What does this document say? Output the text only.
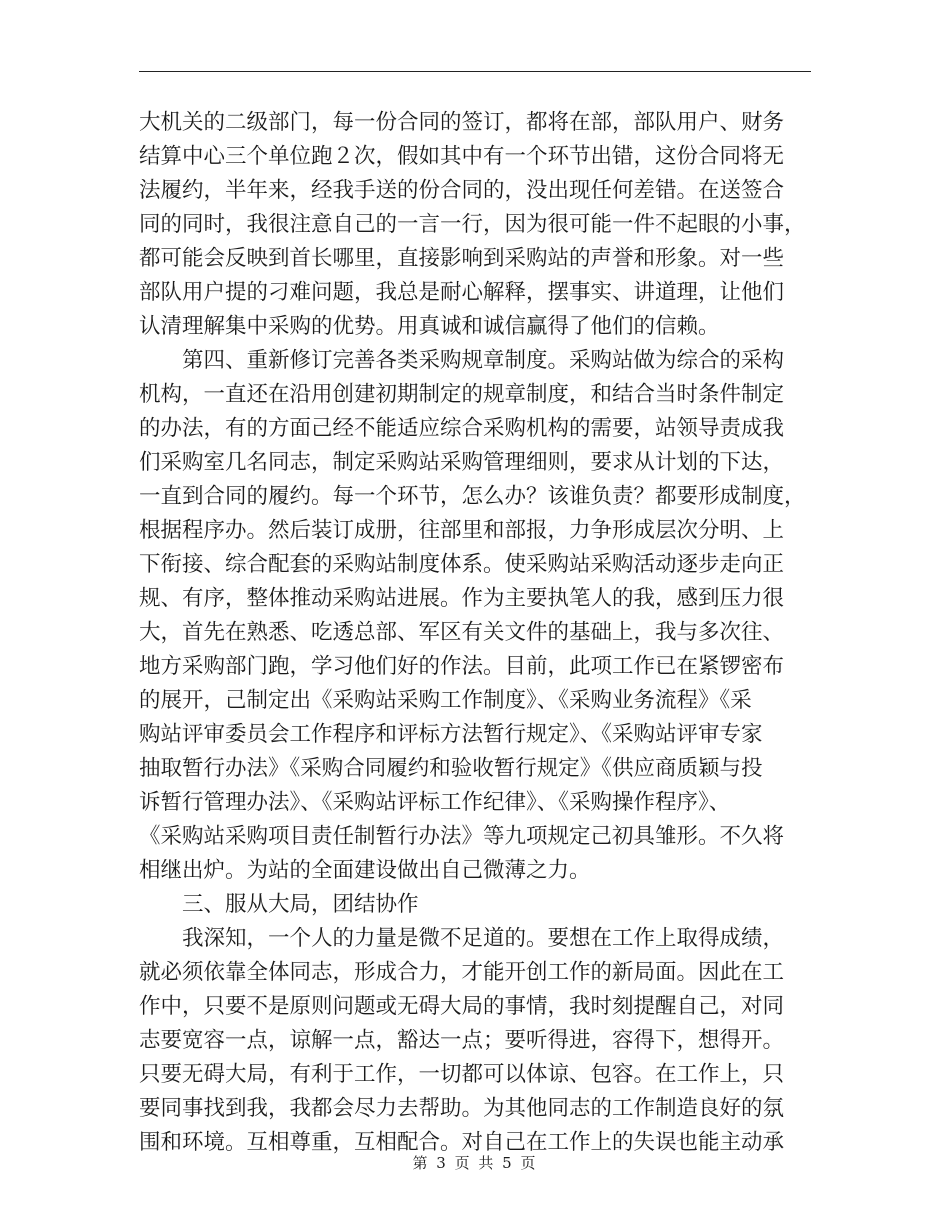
大机关的二级部门，每一份合同的签订，都将在部，部队用户、财务
结算中心三个单位跑２次，假如其中有一个环节出错，这份合同将无
法履约，半年来，经我手送的份合同的，没出现任何差错。在送签合
同的同时，我很注意自己的一言一行，因为很可能一件不起眼的小事，
都可能会反映到首长哪里，直接影响到采购站的声誉和形象。对一些
部队用户提的刁难问题，我总是耐心解释，摆事实、讲道理，让他们
认清理解集中采购的优势。用真诚和诚信赢得了他们的信赖。
　　第四、重新修订完善各类采购规章制度。采购站做为综合的采构
机构，一直还在沿用创建初期制定的规章制度，和结合当时条件制定
的办法，有的方面己经不能适应综合采购机构的需要，站领导责成我
们采购室几名同志，制定采购站采购管理细则，要求从计划的下达，
一直到合同的履约。每一个环节，怎么办？该谁负责？都要形成制度，
根据程序办。然后装订成册，往部里和部报，力争形成层次分明、上
下衔接、综合配套的采购站制度体系。使采购站采购活动逐步走向正
规、有序，整体推动采购站进展。作为主要执笔人的我，感到压力很
大，首先在熟悉、吃透总部、军区有关文件的基础上，我与多次往、
地方采购部门跑，学习他们好的作法。目前，此项工作已在紧锣密布
的展开，己制定出《采购站采购工作制度》、《采购业务流程》《采
购站评审委员会工作程序和评标方法暂行规定》、《采购站评审专家
抽取暂行办法》《采购合同履约和验收暂行规定》《供应商质颖与投
诉暂行管理办法》、《采购站评标工作纪律》、《采购操作程序》、
《采购站采购项目责任制暂行办法》等九项规定己初具雏形。不久将
相继出炉。为站的全面建设做出自己微薄之力。
　　三、服从大局，团结协作
　　我深知，一个人的力量是微不足道的。要想在工作上取得成绩，
就必须依靠全体同志，形成合力，才能开创工作的新局面。因此在工
作中，只要不是原则问题或无碍大局的事情，我时刻提醒自己，对同
志要宽容一点，谅解一点，豁达一点；要听得进，容得下，想得开。
只要无碍大局，有利于工作，一切都可以体谅、包容。在工作上，只
要同事找到我，我都会尽力去帮助。为其他同志的工作制造良好的氛
围和环境。互相尊重，互相配合。对自己在工作上的失误也能主动承
第 3 页 共 5 页
